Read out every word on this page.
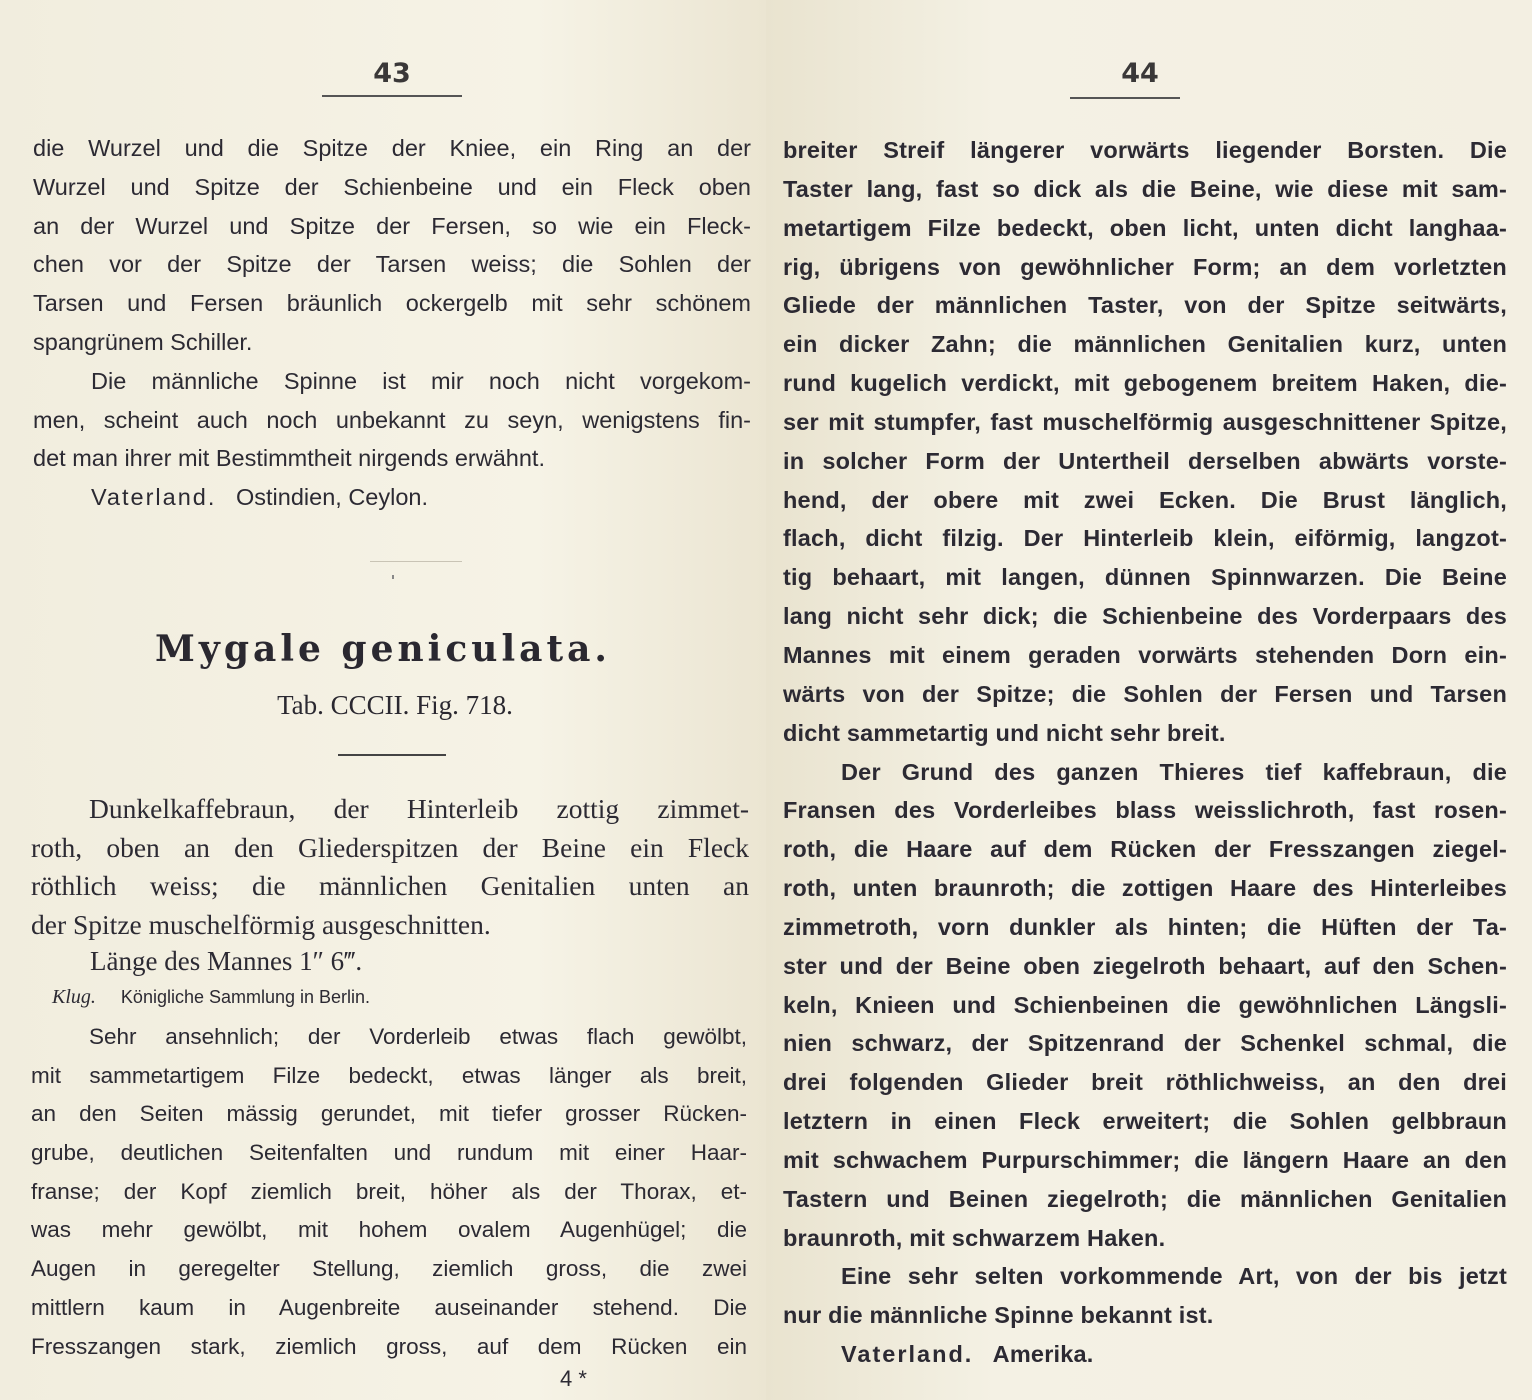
43
die Wurzel und die Spitze der Kniee, ein Ring an der
Wurzel und Spitze der Schienbeine und ein Fleck oben
an der Wurzel und Spitze der Fersen, so wie ein Fleck-
chen vor der Spitze der Tarsen weiss; die Sohlen der
Tarsen und Fersen bräunlich ockergelb mit sehr schönem
spangrünem Schiller.
Die männliche Spinne ist mir noch nicht vorgekom-
men, scheint auch noch unbekannt zu seyn, wenigstens fin-
det man ihrer mit Bestimmtheit nirgends erwähnt.
Vaterland. Ostindien, Ceylon.
Mygale geniculata.
Tab. CCCII. Fig. 718.
Dunkelkaffebraun, der Hinterleib zottig zimmet-
roth, oben an den Gliederspitzen der Beine ein Fleck
röthlich weiss; die männlichen Genitalien unten an
der Spitze muschelförmig ausgeschnitten.
Länge des Mannes 1″ 6‴.
Klug. Königliche Sammlung in Berlin.
Sehr ansehnlich; der Vorderleib etwas flach gewölbt,
mit sammetartigem Filze bedeckt, etwas länger als breit,
an den Seiten mässig gerundet, mit tiefer grosser Rücken-
grube, deutlichen Seitenfalten und rundum mit einer Haar-
franse; der Kopf ziemlich breit, höher als der Thorax, et-
was mehr gewölbt, mit hohem ovalem Augenhügel; die
Augen in geregelter Stellung, ziemlich gross, die zwei
mittlern kaum in Augenbreite auseinander stehend. Die
Fresszangen stark, ziemlich gross, auf dem Rücken ein
4 *
44
breiter Streif längerer vorwärts liegender Borsten. Die
Taster lang, fast so dick als die Beine, wie diese mit sam-
metartigem Filze bedeckt, oben licht, unten dicht langhaa-
rig, übrigens von gewöhnlicher Form; an dem vorletzten
Gliede der männlichen Taster, von der Spitze seitwärts,
ein dicker Zahn; die männlichen Genitalien kurz, unten
rund kugelich verdickt, mit gebogenem breitem Haken, die-
ser mit stumpfer, fast muschelförmig ausgeschnittener Spitze,
in solcher Form der Untertheil derselben abwärts vorste-
hend, der obere mit zwei Ecken. Die Brust länglich,
flach, dicht filzig. Der Hinterleib klein, eiförmig, langzot-
tig behaart, mit langen, dünnen Spinnwarzen. Die Beine
lang nicht sehr dick; die Schienbeine des Vorderpaars des
Mannes mit einem geraden vorwärts stehenden Dorn ein-
wärts von der Spitze; die Sohlen der Fersen und Tarsen
dicht sammetartig und nicht sehr breit.
Der Grund des ganzen Thieres tief kaffebraun, die
Fransen des Vorderleibes blass weisslichroth, fast rosen-
roth, die Haare auf dem Rücken der Fresszangen ziegel-
roth, unten braunroth; die zottigen Haare des Hinterleibes
zimmetroth, vorn dunkler als hinten; die Hüften der Ta-
ster und der Beine oben ziegelroth behaart, auf den Schen-
keln, Knieen und Schienbeinen die gewöhnlichen Längsli-
nien schwarz, der Spitzenrand der Schenkel schmal, die
drei folgenden Glieder breit röthlichweiss, an den drei
letztern in einen Fleck erweitert; die Sohlen gelbbraun
mit schwachem Purpurschimmer; die längern Haare an den
Tastern und Beinen ziegelroth; die männlichen Genitalien
braunroth, mit schwarzem Haken.
Eine sehr selten vorkommende Art, von der bis jetzt
nur die männliche Spinne bekannt ist.
Vaterland. Amerika.
